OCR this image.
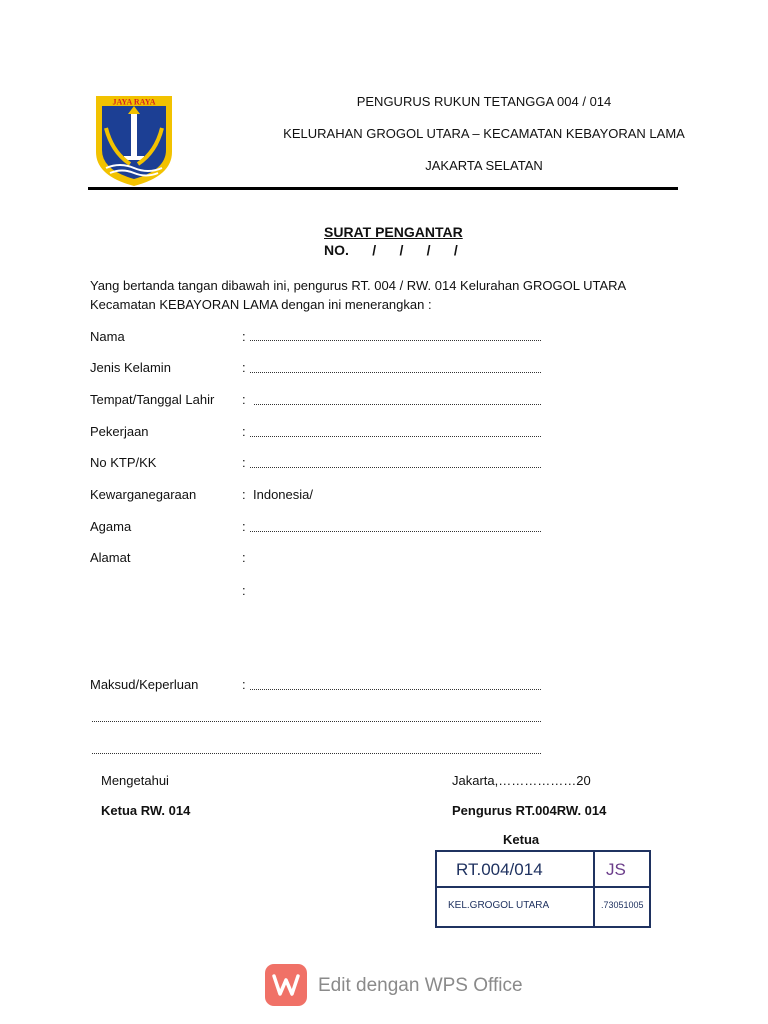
JAYA RAYA	PENGURUS RUKUN TETANGGA 004 / 014
KELURAHAN GROGOL UTARA – KECAMATAN KEBAYORAN LAMA
JAKARTA SELATAN
SURAT PENGANTAR
NO.      /      /      /      /
Yang bertanda tangan dibawah ini, pengurus RT. 004 / RW. 014 Kelurahan GROGOL UTARA
Kecamatan KEBAYORAN LAMA dengan ini menerangkan :
Nama	:
Jenis Kelamin	:
Tempat/Tanggal Lahir :
Pekerjaan	:
No KTP/KK	:
Kewarganegaraan	: Indonesia/
Agama	:
Alamat	:
:
Maksud/Keperluan	:
Mengetahui
Ketua RW. 014
Jakarta,………………20
Pengurus RT.004RW. 014
Ketua
RT.004/014	JS
KEL.GROGOL UTARA	.73051005
Edit dengan WPS Office
